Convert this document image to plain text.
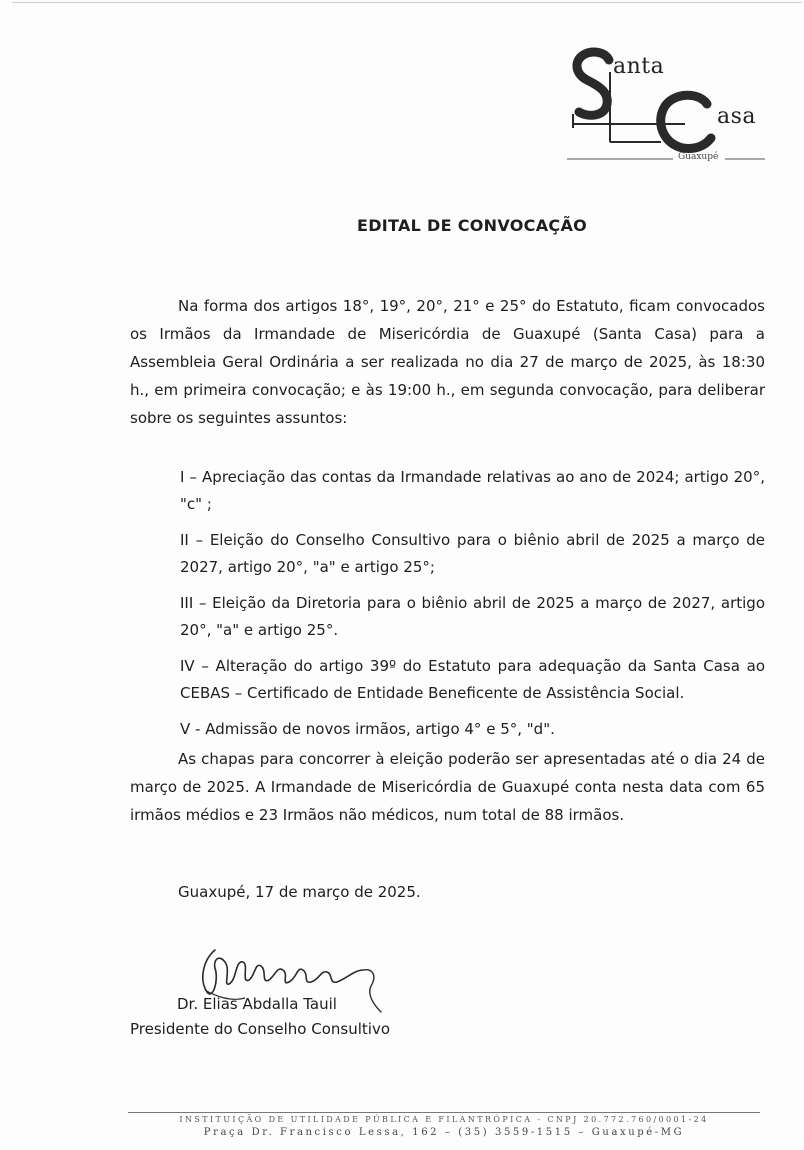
anta
asa
Guaxupé
EDITAL DE CONVOCAÇÃO

Na forma dos artigos 18°, 19°, 20°, 21° e 25° do Estatuto, ficam convocados os Irmãos da Irmandade de Misericórdia de Guaxupé (Santa Casa) para a Assembleia Geral Ordinária a ser realizada no dia 27 de março de 2025, às 18:30 h., em primeira convocação; e às 19:00 h., em segunda convocação, para deliberar sobre os seguintes assuntos:

I – Apreciação das contas da Irmandade relativas ao ano de 2024; artigo 20°, "c" ;

II – Eleição do Conselho Consultivo para o biênio abril de 2025 a março de 2027, artigo 20°, "a" e artigo 25°;

III – Eleição da Diretoria para o biênio abril de 2025 a março de 2027, artigo 20°, "a" e artigo 25°.

IV – Alteração do artigo 39º do Estatuto para adequação da Santa Casa ao CEBAS – Certificado de Entidade Beneficente de Assistência Social.

V - Admissão de novos irmãos, artigo 4° e 5°, "d".

As chapas para concorrer à eleição poderão ser apresentadas até o dia 24 de março de 2025. A Irmandade de Misericórdia de Guaxupé conta nesta data com 65 irmãos médios e 23 Irmãos não médicos, num total de 88 irmãos.

Guaxupé, 17 de março de 2025.
Dr. Elias Abdalla Tauil
Presidente do Conselho Consultivo
INSTITUIÇÃO DE UTILIDADE PÚBLICA E FILANTRÓPICA - CNPJ 20.772.760/0001-24
Praça Dr. Francisco Lessa, 162 – (35) 3559-1515 – Guaxupé-MG
